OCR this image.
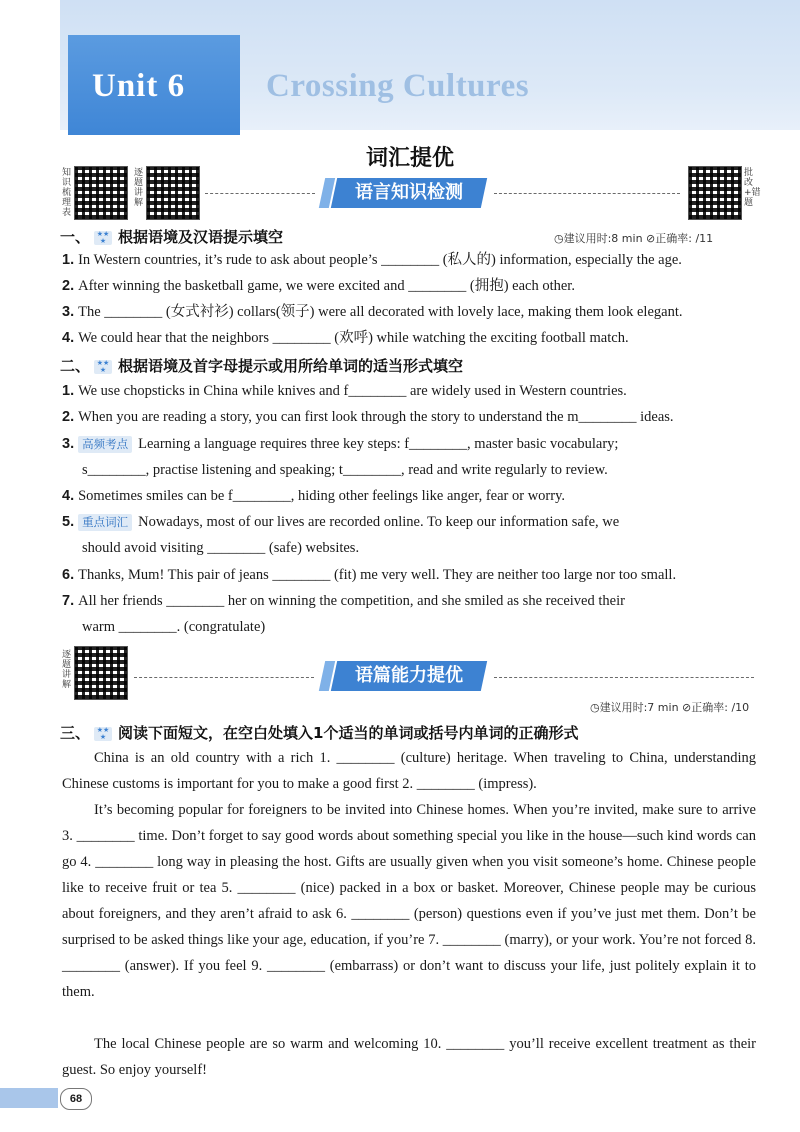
Unit 6 Crossing Cultures
词汇提优
知识梳理表
逐题讲解
批改+错题
语言知识检测
一、 ★★
★ 根据语境及汉语提示填空	◷建议用时:8 min ⊘正确率: /11
1. In Western countries, it’s rude to ask about people’s ________ (私人的) information, especially the age.
2. After winning the basketball game, we were excited and ________ (拥抱) each other.
3. The ________ (女式衬衫) collars(领子) were all decorated with lovely lace, making them look elegant.
4. We could hear that the neighbors ________ (欢呼) while watching the exciting football match.
二、 ★★
★ 根据语境及首字母提示或用所给单词的适当形式填空
1. We use chopsticks in China while knives and f________ are widely used in Western countries.
2. When you are reading a story, you can first look through the story to understand the m________ ideas.
3. 高频考点 Learning a language requires three key steps: f________, master basic vocabulary;
s________, practise listening and speaking; t________, read and write regularly to review.
4. Sometimes smiles can be f________, hiding other feelings like anger, fear or worry.
5. 重点词汇 Nowadays, most of our lives are recorded online. To keep our information safe, we
should avoid visiting ________ (safe) websites.
6. Thanks, Mum! This pair of jeans ________ (fit) me very well. They are neither too large nor too small.
7. All her friends ________ her on winning the competition, and she smiled as she received their
warm ________. (congratulate)
逐题讲解	语篇能力提优
◷建议用时:7 min ⊘正确率: /10
三、 ★★
★ 阅读下面短文，在空白处填入1个适当的单词或括号内单词的正确形式
China is an old country with a rich 1. ________ (culture) heritage. When traveling to China, understanding Chinese customs is important for you to make a good first 2. ________ (impress).
It’s becoming popular for foreigners to be invited into Chinese homes. When you’re invited, make sure to arrive 3. ________ time. Don’t forget to say good words about something special you like in the house—such kind words can go 4. ________ long way in pleasing the host. Gifts are usually given when you visit someone’s home. Chinese people like to receive fruit or tea 5. ________ (nice) packed in a box or basket. Moreover, Chinese people may be curious about foreigners, and they aren’t afraid to ask 6. ________ (person) questions even if you’ve just met them. Don’t be surprised to be asked things like your age, education, if you’re 7. ________ (marry), or your work. You’re not forced 8. ________ (answer). If you feel 9. ________ (embarrass) or don’t want to discuss your life, just politely explain it to them.
The local Chinese people are so warm and welcoming 10. ________ you’ll receive excellent treatment as their guest. So enjoy yourself!
68
